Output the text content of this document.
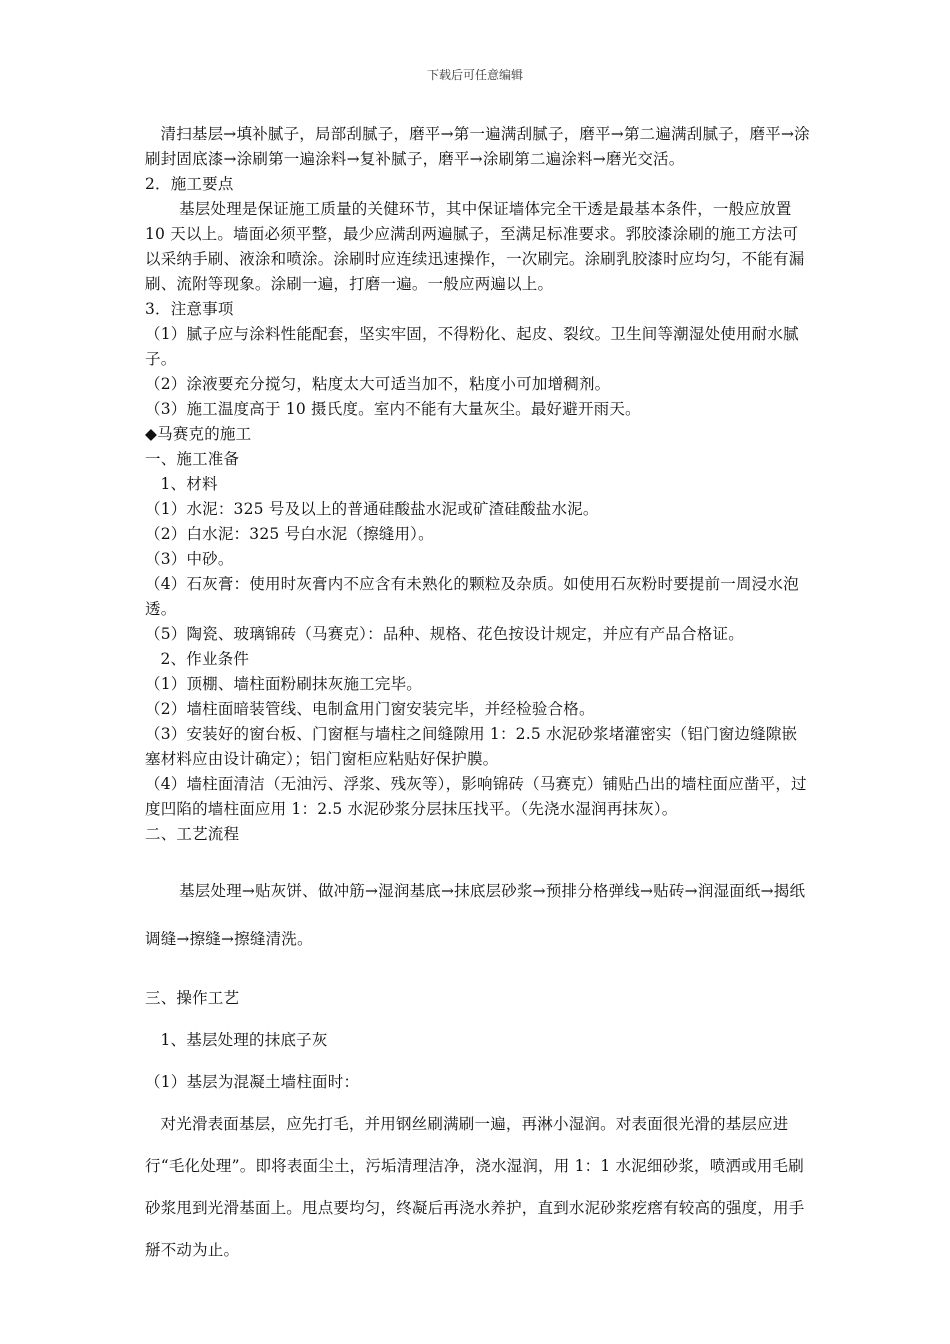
下载后可任意编辑

清扫基层→填补腻子，局部刮腻子，磨平→第一遍满刮腻子，磨平→第二遍满刮腻子，磨平→涂刷封固底漆→涂刷第一遍涂料→复补腻子，磨平→涂刷第二遍涂料→磨光交活。

2．施工要点

基层处理是保证施工质量的关健环节，其中保证墙体完全干透是最基本条件，一般应放置 10 天以上。墙面必须平整，最少应满刮两遍腻子，至满足标准要求。郛胶漆涂刷的施工方法可以采纳手刷、液涂和喷涂。涂刷时应连续迅速操作，一次刷完。涂刷乳胶漆时应均匀，不能有漏刷、流附等现象。涂刷一遍，打磨一遍。一般应两遍以上。

3．注意事项

（1）腻子应与涂料性能配套，坚实牢固，不得粉化、起皮、裂纹。卫生间等潮湿处使用耐水腻子。

（2）涂液要充分搅匀，粘度太大可适当加不，粘度小可加增稠剂。

（3）施工温度高于 10 摄氏度。室内不能有大量灰尘。最好避开雨天。

◆马赛克的施工

一、施工准备

1、材料

（1）水泥：325 号及以上的普通硅酸盐水泥或矿渣硅酸盐水泥。

（2）白水泥：325 号白水泥（擦缝用）。

（3）中砂。

（4）石灰膏：使用时灰膏内不应含有未熟化的颗粒及杂质。如使用石灰粉时要提前一周浸水泡透。

（5）陶瓷、玻璃锦砖（马赛克）：品种、规格、花色按设计规定，并应有产品合格证。

2、作业条件

（1）顶棚、墙柱面粉刷抹灰施工完毕。

（2）墙柱面暗装管线、电制盒用门窗安装完毕，并经检验合格。

（3）安装好的窗台板、门窗框与墙柱之间缝隙用 1：2.5 水泥砂浆堵灌密实（铝门窗边缝隙嵌塞材料应由设计确定）；铝门窗柜应粘贴好保护膜。

（4）墙柱面清洁（无油污、浮浆、残灰等），影响锦砖（马赛克）铺贴凸出的墙柱面应凿平，过度凹陷的墙柱面应用 1：2.5 水泥砂浆分层抹压找平。（先浇水湿润再抹灰）。

二、工艺流程

基层处理→贴灰饼、做冲筋→湿润基底→抹底层砂浆→预排分格弹线→贴砖→润湿面纸→揭纸调缝→擦缝→擦缝清洗。

三、操作工艺

1、基层处理的抹底子灰

（1）基层为混凝土墙柱面时：

对光滑表面基层，应先打毛，并用钢丝刷满刷一遍，再淋小湿润。对表面很光滑的基层应进行“毛化处理”。即将表面尘土，污垢清理洁净，浇水湿润，用 1：1 水泥细砂浆，喷洒或用毛刷砂浆甩到光滑基面上。甩点要均匀，终凝后再浇水养护，直到水泥砂浆疙瘩有较高的强度，用手掰不动为止。
